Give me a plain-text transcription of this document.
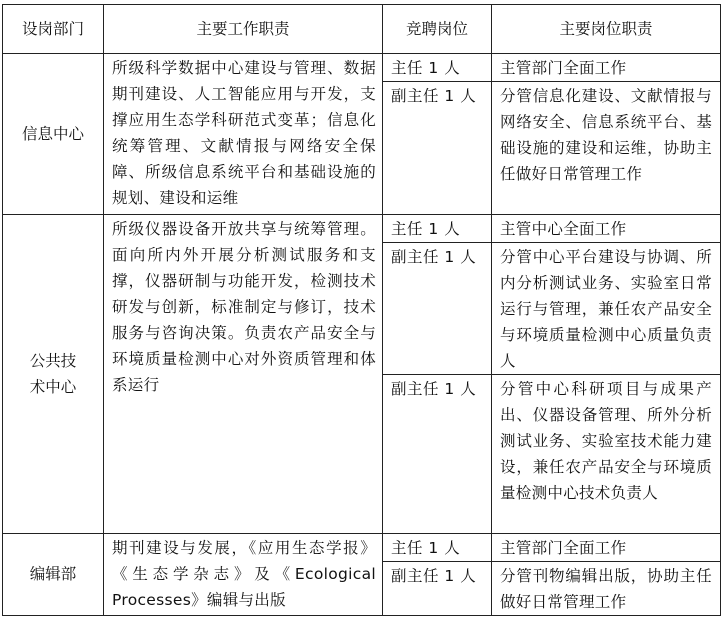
设岗部门	主要工作职责	竞聘岗位	主要岗位职责
信息中心	所级科学数据中心建设与管理、数据期刊建设、人工智能应用与开发，支撑应用生态学科研范式变革；信息化统筹管理、文献情报与网络安全保障、所级信息系统平台和基础设施的规划、建设和运维	主任 1 人	主管部门全面工作
		副主任 1 人	分管信息化建设、文献情报与网络安全、信息系统平台、基础设施的建设和运维，协助主任做好日常管理工作
公共技术中心	所级仪器设备开放共享与统筹管理。面向所内外开展分析测试服务和支撑，仪器研制与功能开发，检测技术研发与创新，标准制定与修订，技术服务与咨询决策。负责农产品安全与环境质量检测中心对外资质管理和体系运行	主任 1 人	主管中心全面工作
		副主任 1 人	分管中心平台建设与协调、所内分析测试业务、实验室日常运行与管理，兼任农产品安全与环境质量检测中心质量负责人
		副主任 1 人	分管中心科研项目与成果产出、仪器设备管理、所外分析测试业务、实验室技术能力建设，兼任农产品安全与环境质量检测中心技术负责人
编辑部	期刊建设与发展，《应用生态学报》《生态学杂志》及《Ecological Processes》编辑与出版	主任 1 人	主管部门全面工作
		副主任 1 人	分管刊物编辑出版，协助主任做好日常管理工作
